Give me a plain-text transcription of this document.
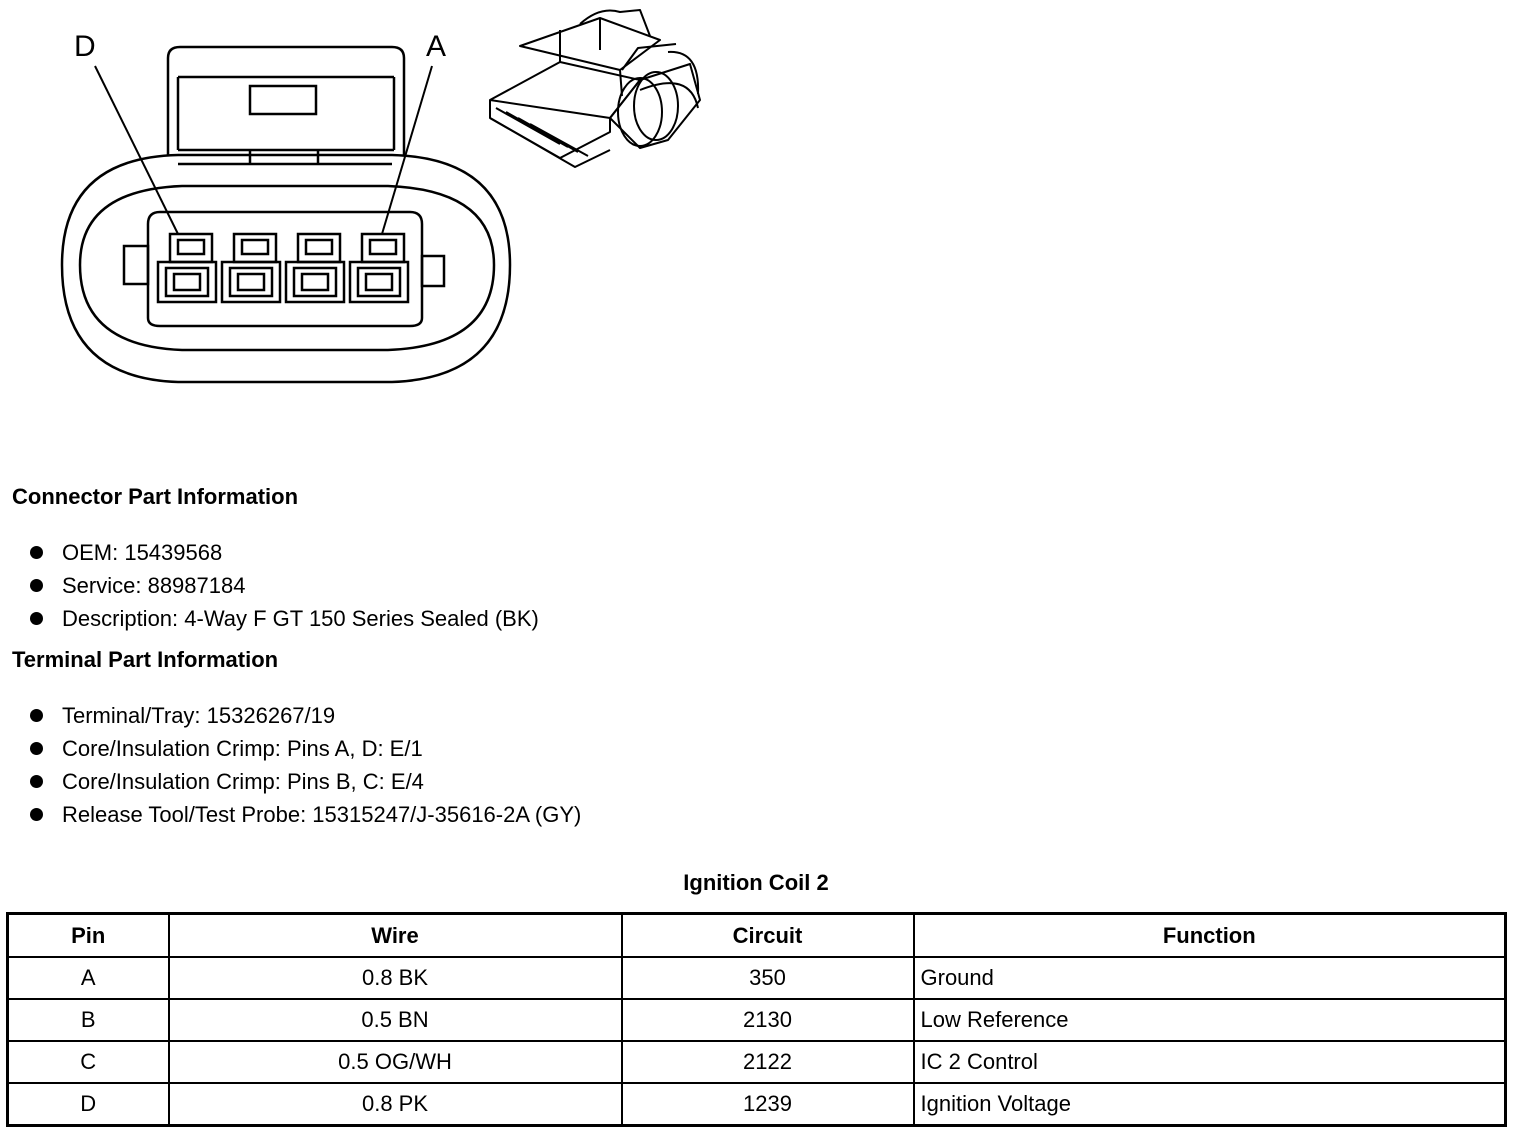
D	A
Connector Part Information
OEM: 15439568
Service: 88987184
Description: 4-Way F GT 150 Series Sealed (BK)
Terminal Part Information
Terminal/Tray: 15326267/19
Core/Insulation Crimp: Pins A, D: E/1
Core/Insulation Crimp: Pins B, C: E/4
Release Tool/Test Probe: 15315247/J-35616-2A (GY)
Ignition Coil 2
Pin	Wire	Circuit	Function
A	0.8 BK	350	Ground
B	0.5 BN	2130	Low Reference
C	0.5 OG/WH	2122	IC 2 Control
D	0.8 PK	1239	Ignition Voltage
